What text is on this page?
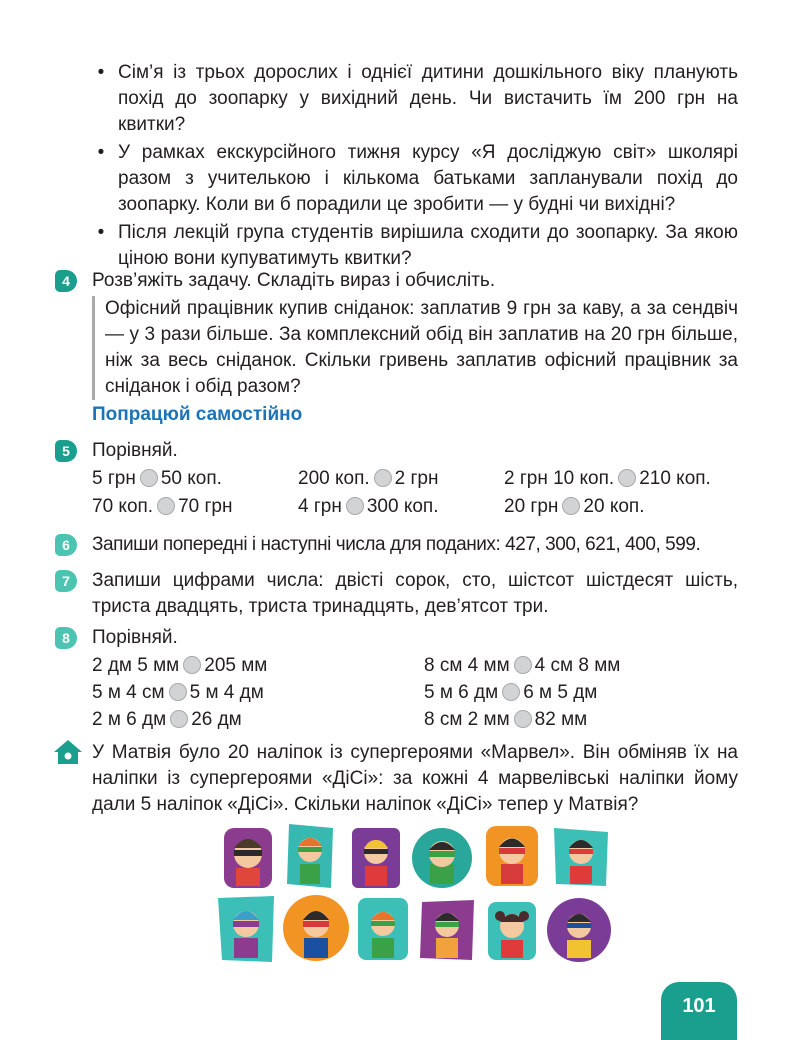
• Сім’я із трьох дорослих і однієї дитини дошкільного віку планують похід до зоопарку у вихідний день. Чи вистачить їм 200 грн на квитки?
• У рамках екскурсійного тижня курсу «Я досліджую світ» школярі разом з учителькою і кількома батьками запланували похід до зоопарку. Коли ви б порадили це зробити — у будні чи вихідні?
• Після лекцій група студентів вирішила сходити до зоопарку. За якою ціною вони купуватимуть квитки?
4	Розв’яжіть задачу. Складіть вираз і обчисліть.
Офісний працівник купив сніданок: заплатив 9 грн за каву, а за сендвіч — у 3 рази більше. За комплексний обід він заплатив на 20 грн більше, ніж за весь сніданок. Скільки гривень заплатив офісний працівник за сніданок і обід разом?
Попрацюй самостійно
5	Порівняй.
5 грн 50 коп.	200 коп. 2 грн	2 грн 10 коп. 210 коп.
70 коп. 70 грн	4 грн 300 коп.	20 грн 20 коп.
6	Запиши попередні і наступні числа для поданих: 427, 300, 621, 400, 599.
7	Запиши цифрами числа: двісті сорок, сто, шістсот шістдесят шість, триста двадцять, триста тринадцять, дев’ятсот три.
8	Порівняй.
2 дм 5 мм 205 мм	8 см 4 мм 4 см 8 мм
5 м 4 см 5 м 4 дм	5 м 6 дм 6 м 5 дм
2 м 6 дм 26 дм	8 см 2 мм 82 мм
У Матвія було 20 наліпок із супергероями «Марвел». Він обміняв їх на наліпки із супергероями «ДіСі»: за кожні 4 марвелівські наліпки йому дали 5 наліпок «ДіСі». Скільки наліпок «ДіСі» тепер у Матвія?
101
